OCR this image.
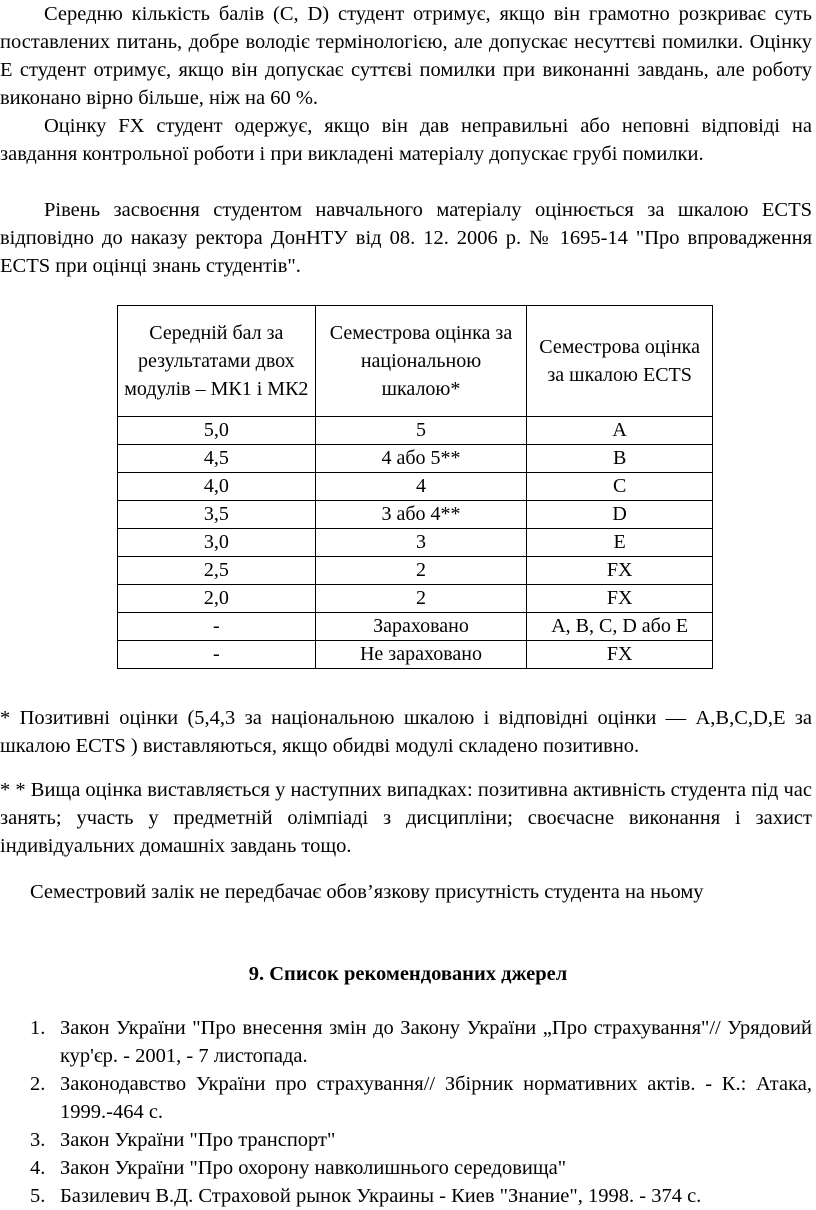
Середню кількість балів (С, D) студент отримує, якщо він грамотно розкриває суть поставлених питань, добре володіє термінологією, але допускає несуттєві помилки. Оцінку Е студент отримує, якщо він допускає суттєві помилки при виконанні завдань, але роботу виконано вірно більше, ніж на 60 %.

Оцінку FX студент одержує, якщо він дав неправильні або неповні відповіді на завдання контрольної роботи і при викладені матеріалу допускає грубі помилки.

Рівень засвоєння студентом навчального матеріалу оцінюється за шкалою ECTS відповідно до наказу ректора ДонНТУ від 08. 12. 2006 р. № 1695-14 "Про впровадження ECTS при оцінці знань студентів".

Середній бал за результатами двох модулів – МК1 і МК2	Семестрова оцінка за національною шкалою*	Семестрова оцінка за шкалою ECTS
5,0	5	A
4,5	4 або 5**	B
4,0	4	C
3,5	3 або 4**	D
3,0	3	E
2,5	2	FX
2,0	2	FX
-	Зараховано	A, B, C, D або E
-	Не зараховано	FX

* Позитивні оцінки (5,4,3 за національною шкалою і відповідні оцінки — A,B,C,D,E за шкалою ECTS ) виставляються, якщо обидві модулі складено позитивно.

* * Вища оцінка виставляється у наступних випадках: позитивна активність студента під час занять; участь у предметній олімпіаді з дисципліни; своєчасне виконання і захист індивідуальних домашніх завдань тощо.

Семестровий залік не передбачає обов’язкову присутність студента на ньому

9. Список рекомендованих джерел
1. Закон України "Про внесення змін до Закону України „Про страхування"// Урядовий кур'єр. - 2001, - 7 листопада.
2. Законодавство України про страхування// Збірник нормативних актів. - К.: Атака, 1999.-464 с.
3. Закон України "Про транспорт"
4. Закон України "Про охорону навколишнього середовища"
5. Базилевич В.Д. Страховой рынок Украины - Киев "Знание", 1998. - 374 с.
